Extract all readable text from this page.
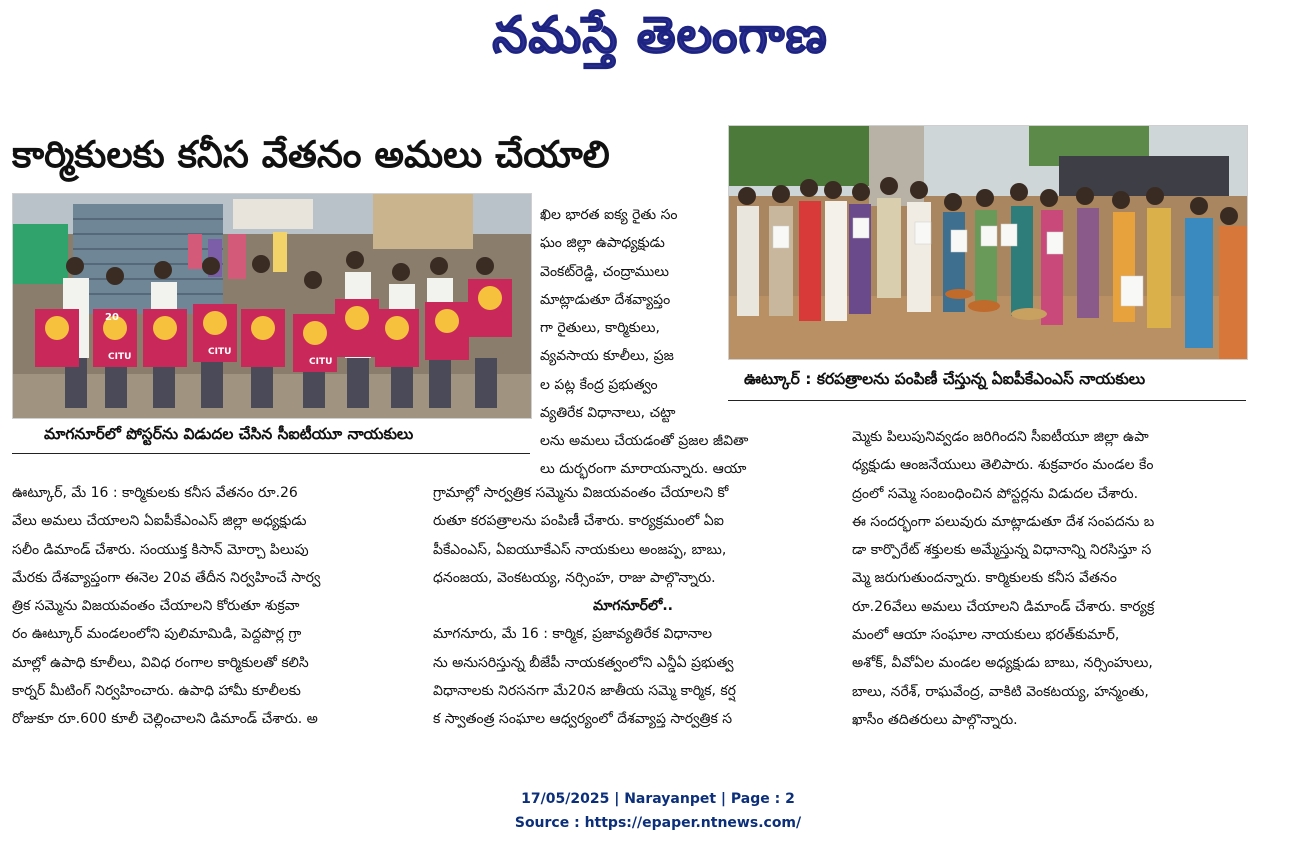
నమస్తే తెలంగాణ
కార్మికులకు కనీస వేతనం అమలు చేయాలి
CITU	CITU
CITU
20
మాగనూర్‌లో పోస్టర్‌ను విడుదల చేసిన సీఐటీయూ నాయకులు
ఊట్కూర్ : కరపత్రాలను పంపిణీ చేస్తున్న ఏఐపీకేఎంఎస్ నాయకులు
ఖిల భారత ఐక్య రైతు సం
ఘం జిల్లా ఉపాధ్యక్షుడు
వెంకట్‌రెడ్డి, చంద్రాములు
మాట్లాడుతూ దేశవ్యాప్తం
గా రైతులు, కార్మికులు,
వ్యవసాయ కూలీలు, ప్రజ
ల పట్ల కేంద్ర ప్రభుత్వం
వ్యతిరేక విధానాలు, చట్టా
లను అమలు చేయడంతో ప్రజల జీవితా
లు దుర్భరంగా మారాయన్నారు. ఆయా
ఊట్కూర్, మే 16 : కార్మికులకు కనీస వేతనం రూ.26
వేలు అమలు చేయాలని ఏఐపీకేఎంఎస్ జిల్లా అధ్యక్షుడు
సలీం డిమాండ్ చేశారు. సంయుక్త కిసాన్ మోర్చా పిలుపు
మేరకు దేశవ్యాప్తంగా ఈనెల 20వ తేదీన నిర్వహించే సార్వ
త్రిక సమ్మెను విజయవంతం చేయాలని కోరుతూ శుక్రవా
రం ఊట్కూర్ మండలంలోని పులిమామిడి, పెద్దపొర్ల గ్రా
మాల్లో ఉపాధి కూలీలు, వివిధ రంగాల కార్మికులతో కలిసి
కార్నర్ మీటింగ్ నిర్వహించారు. ఉపాధి హామీ కూలీలకు
రోజుకూ రూ.600 కూలీ చెల్లించాలని డిమాండ్ చేశారు. అ
గ్రామాల్లో సార్వత్రిక సమ్మెను విజయవంతం చేయాలని కో
రుతూ కరపత్రాలను పంపిణీ చేశారు. కార్యక్రమంలో ఏఐ
పీకేఎంఎస్, ఏఐయూకేఎస్ నాయకులు అంజప్ప, బాబు,
ధనంజయ, వెంకటయ్య, నర్సింహ, రాజు పాల్గొన్నారు.
మాగనూర్‌లో..
మాగనూరు, మే 16 : కార్మిక, ప్రజావ్యతిరేక విధానాల
ను అనుసరిస్తున్న బీజేపీ నాయకత్వంలోని ఎన్డీఏ ప్రభుత్వ
విధానాలకు నిరసనగా మే20న జాతీయ సమ్మె కార్మిక, కర్ష
క స్వాతంత్ర సంఘాల ఆధ్వర్యంలో దేశవ్యాప్త సార్వత్రిక స
మ్మెకు పిలుపునివ్వడం జరిగిందని సీఐటీయూ జిల్లా ఉపా
ధ్యక్షుడు ఆంజనేయులు తెలిపారు. శుక్రవారం మండల కేం
ద్రంలో సమ్మె సంబంధించిన పోస్టర్లను విడుదల చేశారు.
ఈ సందర్భంగా పలువురు మాట్లాడుతూ దేశ సంపదను బ
డా కార్పొరేట్ శక్తులకు అమ్మేస్తున్న విధానాన్ని నిరసిస్తూ స
మ్మె జరుగుతుందన్నారు. కార్మికులకు కనీస వేతనం
రూ.26వేలు అమలు చేయాలని డిమాండ్ చేశారు. కార్యక్ర
మంలో ఆయా సంఘాల నాయకులు భరత్‌కుమార్,
అశోక్, వీవోఏల మండల అధ్యక్షుడు బాబు, నర్సింహులు,
బాలు, నరేశ్, రాఘవేంద్ర, వాకిటి వెంకటయ్య, హన్మంతు,
ఖాసీం తదితరులు పాల్గొన్నారు.
17/05/2025 | Narayanpet | Page : 2
Source : https://epaper.ntnews.com/
